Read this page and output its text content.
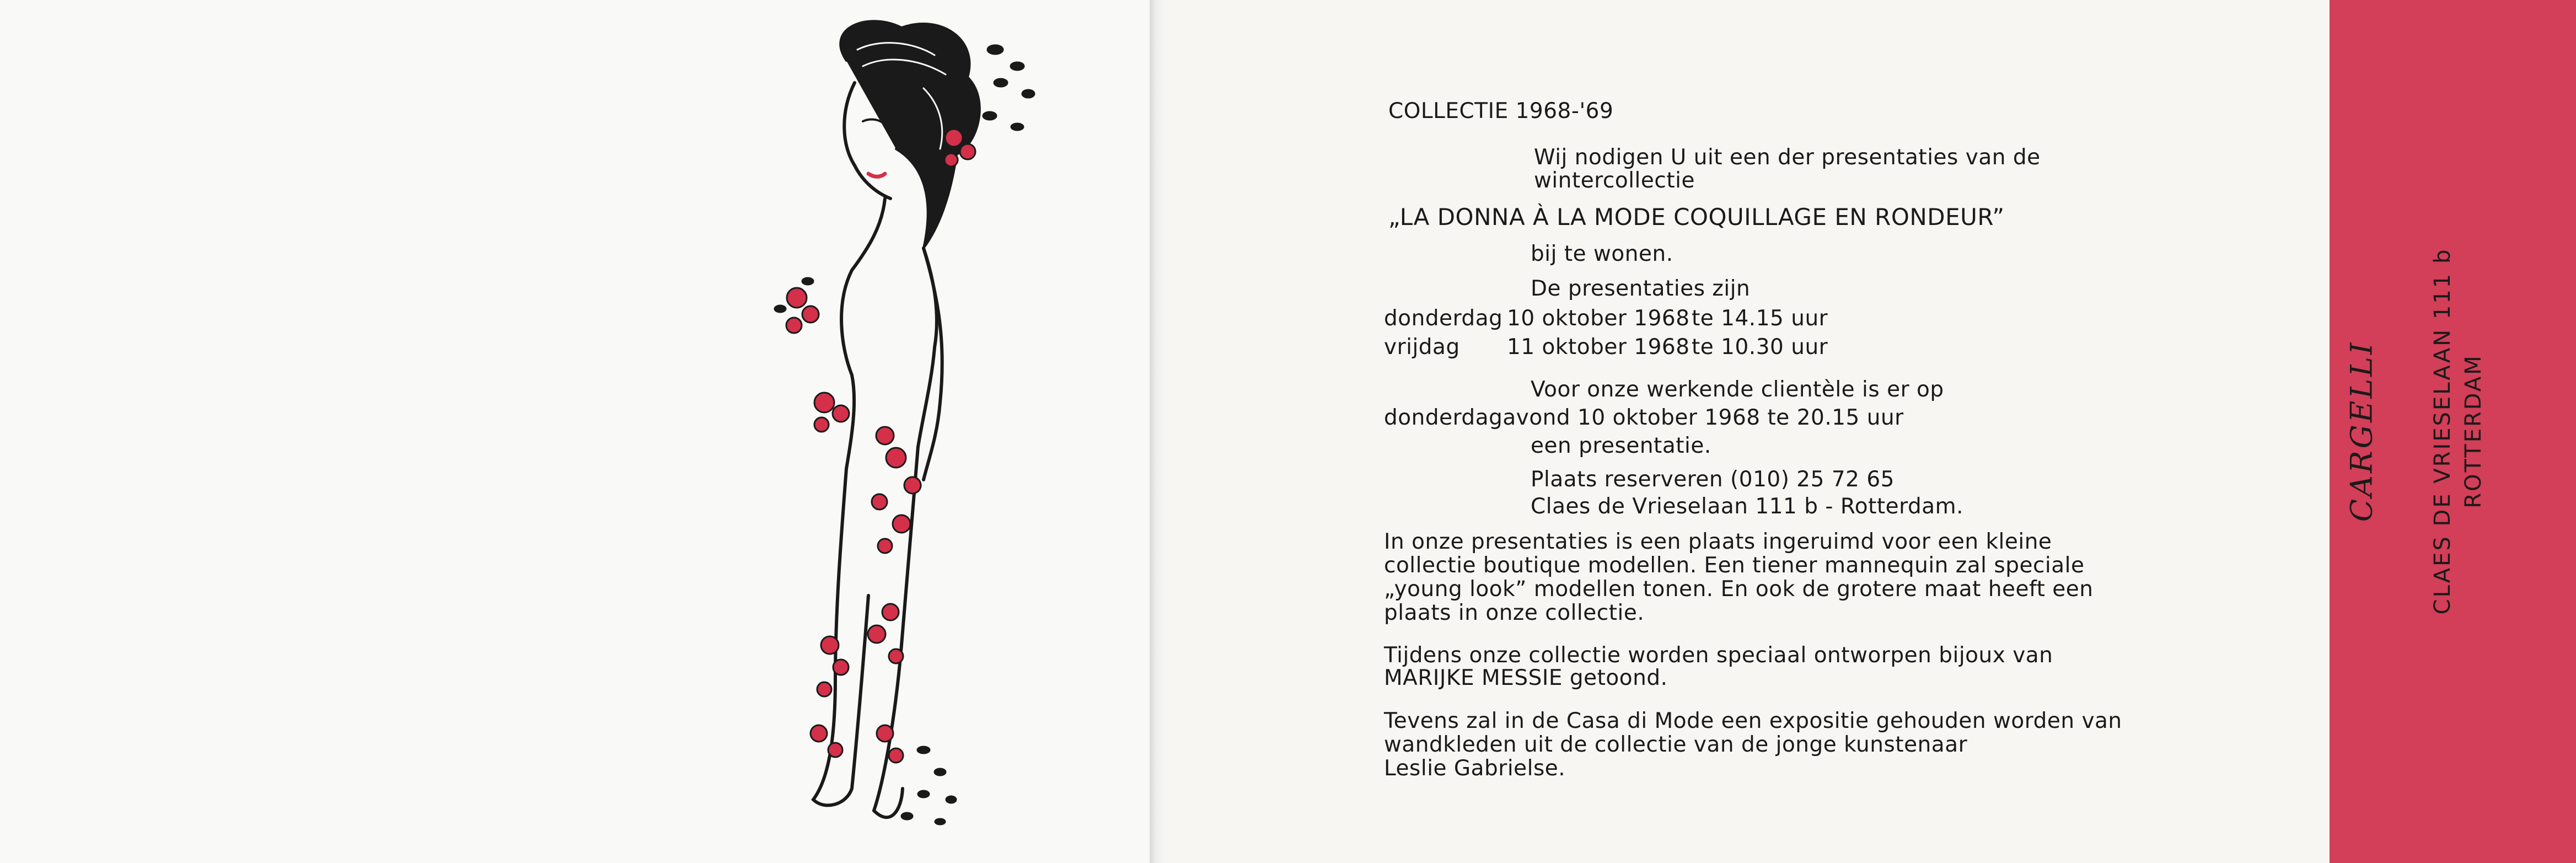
COLLECTIE 1968-'69
Wij nodigen U uit een der presentaties van de
wintercollectie
„LA DONNA À LA MODE COQUILLAGE EN RONDEUR”
bij te wonen.
De presentaties zijn
donderdag 10 oktober 1968 te 14.15 uur
vrijdag 11 oktober 1968 te 10.30 uur
Voor onze werkende clientèle is er op
donderdagavond 10 oktober 1968 te 20.15 uur
een presentatie.
Plaats reserveren (010) 25 72 65
Claes de Vrieselaan 111 b - Rotterdam.
In onze presentaties is een plaats ingeruimd voor een kleine
collectie boutique modellen. Een tiener mannequin zal speciale
„young look” modellen tonen. En ook de grotere maat heeft een
plaats in onze collectie.
Tijdens onze collectie worden speciaal ontworpen bijoux van
MARIJKE MESSIE getoond.
Tevens zal in de Casa di Mode een expositie gehouden worden van
wandkleden uit de collectie van de jonge kunstenaar
Leslie Gabrielse.
CARGELLI CLAES DE VRIESELAAN 111 b ROTTERDAM
